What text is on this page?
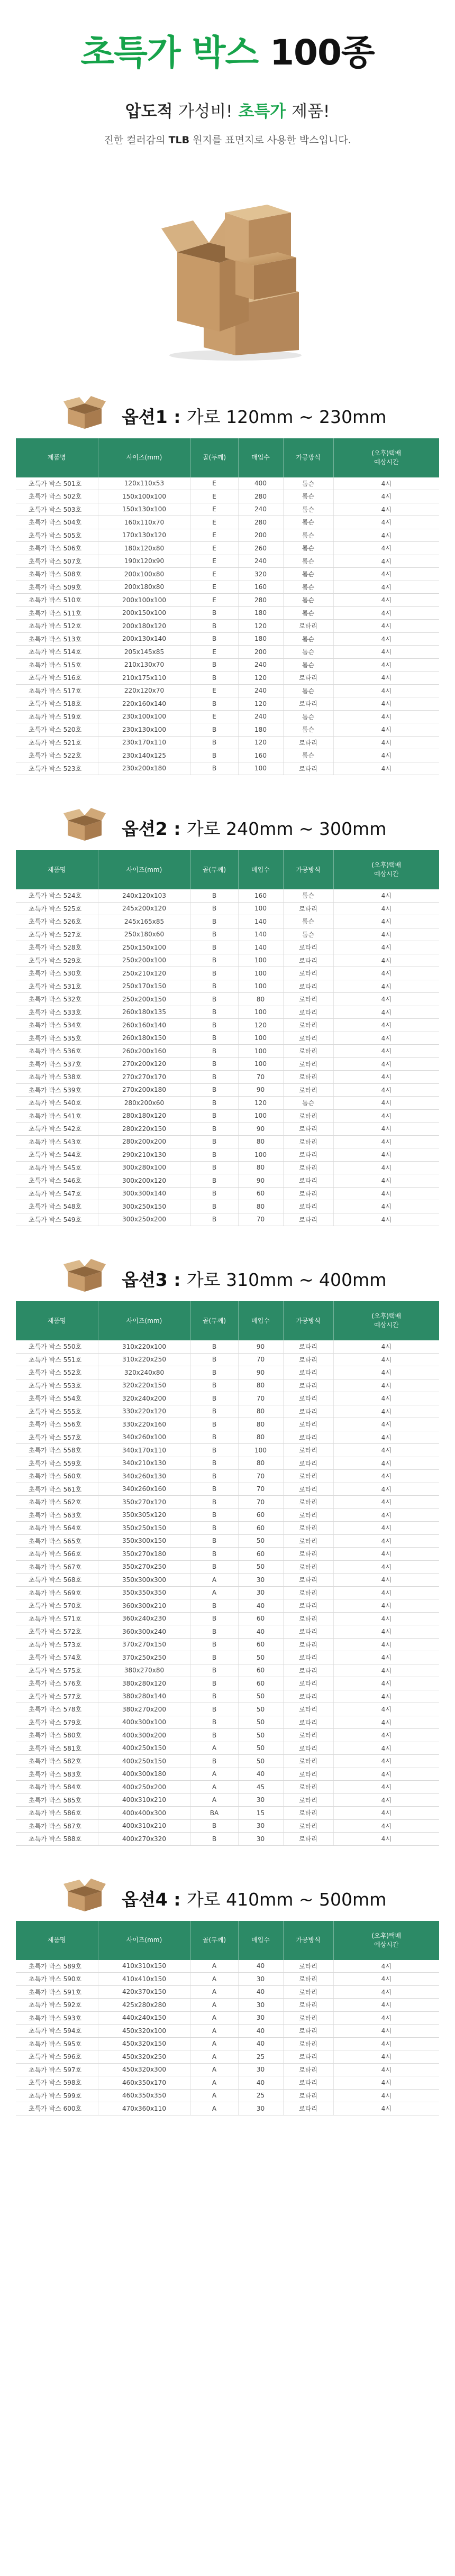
초특가 박스 100종
압도적 가성비! 초특가 제품!
진한 컬러감의 TLB 원지를 표면지로 사용한 박스입니다.
옵션1 : 가로 120mm ~ 230mm
제품명	사이즈(mm)	골(두께)	매입수	가공방식	(오후)택배
예상시간
초특가 박스 501호	120x110x53	E	400	톰슨	4시
초특가 박스 502호	150x100x100	E	280	톰슨	4시
초특가 박스 503호	150x130x100	E	240	톰슨	4시
초특가 박스 504호	160x110x70	E	280	톰슨	4시
초특가 박스 505호	170x130x120	E	200	톰슨	4시
초특가 박스 506호	180x120x80	E	260	톰슨	4시
초특가 박스 507호	190x120x90	E	240	톰슨	4시
초특가 박스 508호	200x100x80	E	320	톰슨	4시
초특가 박스 509호	200x180x80	E	160	톰슨	4시
초특가 박스 510호	200x100x100	E	280	톰슨	4시
초특가 박스 511호	200x150x100	B	180	톰슨	4시
초특가 박스 512호	200x180x120	B	120	로타리	4시
초특가 박스 513호	200x130x140	B	180	톰슨	4시
초특가 박스 514호	205x145x85	E	200	톰슨	4시
초특가 박스 515호	210x130x70	B	240	톰슨	4시
초특가 박스 516호	210x175x110	B	120	로타리	4시
초특가 박스 517호	220x120x70	E	240	톰슨	4시
초특가 박스 518호	220x160x140	B	120	로타리	4시
초특가 박스 519호	230x100x100	E	240	톰슨	4시
초특가 박스 520호	230x130x100	B	180	톰슨	4시
초특가 박스 521호	230x170x110	B	120	로타리	4시
초특가 박스 522호	230x140x125	B	160	톰슨	4시
초특가 박스 523호	230x200x180	B	100	로타리	4시
옵션2 : 가로 240mm ~ 300mm
제품명	사이즈(mm)	골(두께)	매입수	가공방식	(오후)택배
예상시간
초특가 박스 524호	240x120x103	B	160	톰슨	4시
초특가 박스 525호	245x200x120	B	100	로타리	4시
초특가 박스 526호	245x165x85	B	140	톰슨	4시
초특가 박스 527호	250x180x60	B	140	톰슨	4시
초특가 박스 528호	250x150x100	B	140	로타리	4시
초특가 박스 529호	250x200x100	B	100	로타리	4시
초특가 박스 530호	250x210x120	B	100	로타리	4시
초특가 박스 531호	250x170x150	B	100	로타리	4시
초특가 박스 532호	250x200x150	B	80	로타리	4시
초특가 박스 533호	260x180x135	B	100	로타리	4시
초특가 박스 534호	260x160x140	B	120	로타리	4시
초특가 박스 535호	260x180x150	B	100	로타리	4시
초특가 박스 536호	260x200x160	B	100	로타리	4시
초특가 박스 537호	270x200x120	B	100	로타리	4시
초특가 박스 538호	270x270x170	B	70	로타리	4시
초특가 박스 539호	270x200x180	B	90	로타리	4시
초특가 박스 540호	280x200x60	B	120	톰슨	4시
초특가 박스 541호	280x180x120	B	100	로타리	4시
초특가 박스 542호	280x220x150	B	90	로타리	4시
초특가 박스 543호	280x200x200	B	80	로타리	4시
초특가 박스 544호	290x210x130	B	100	로타리	4시
초특가 박스 545호	300x280x100	B	80	로타리	4시
초특가 박스 546호	300x200x120	B	90	로타리	4시
초특가 박스 547호	300x300x140	B	60	로타리	4시
초특가 박스 548호	300x250x150	B	80	로타리	4시
초특가 박스 549호	300x250x200	B	70	로타리	4시
옵션3 : 가로 310mm ~ 400mm
제품명	사이즈(mm)	골(두께)	매입수	가공방식	(오후)택배
예상시간
초특가 박스 550호	310x220x100	B	90	로타리	4시
초특가 박스 551호	310x220x250	B	70	로타리	4시
초특가 박스 552호	320x240x80	B	90	로타리	4시
초특가 박스 553호	320x220x150	B	80	로타리	4시
초특가 박스 554호	320x240x200	B	70	로타리	4시
초특가 박스 555호	330x220x120	B	80	로타리	4시
초특가 박스 556호	330x220x160	B	80	로타리	4시
초특가 박스 557호	340x260x100	B	80	로타리	4시
초특가 박스 558호	340x170x110	B	100	로타리	4시
초특가 박스 559호	340x210x130	B	80	로타리	4시
초특가 박스 560호	340x260x130	B	70	로타리	4시
초특가 박스 561호	340x260x160	B	70	로타리	4시
초특가 박스 562호	350x270x120	B	70	로타리	4시
초특가 박스 563호	350x305x120	B	60	로타리	4시
초특가 박스 564호	350x250x150	B	60	로타리	4시
초특가 박스 565호	350x300x150	B	50	로타리	4시
초특가 박스 566호	350x270x180	B	60	로타리	4시
초특가 박스 567호	350x270x250	B	50	로타리	4시
초특가 박스 568호	350x300x300	A	30	로타리	4시
초특가 박스 569호	350x350x350	A	30	로타리	4시
초특가 박스 570호	360x300x210	B	40	로타리	4시
초특가 박스 571호	360x240x230	B	60	로타리	4시
초특가 박스 572호	360x300x240	B	40	로타리	4시
초특가 박스 573호	370x270x150	B	60	로타리	4시
초특가 박스 574호	370x250x250	B	50	로타리	4시
초특가 박스 575호	380x270x80	B	60	로타리	4시
초특가 박스 576호	380x280x120	B	60	로타리	4시
초특가 박스 577호	380x280x140	B	50	로타리	4시
초특가 박스 578호	380x270x200	B	50	로타리	4시
초특가 박스 579호	400x300x100	B	50	로타리	4시
초특가 박스 580호	400x300x200	B	50	로타리	4시
초특가 박스 581호	400x250x150	A	50	로타리	4시
초특가 박스 582호	400x250x150	B	50	로타리	4시
초특가 박스 583호	400x300x180	A	40	로타리	4시
초특가 박스 584호	400x250x200	A	45	로타리	4시
초특가 박스 585호	400x310x210	A	30	로타리	4시
초특가 박스 586호	400x400x300	BA	15	로타리	4시
초특가 박스 587호	400x310x210	B	30	로타리	4시
초특가 박스 588호	400x270x320	B	30	로타리	4시
옵션4 : 가로 410mm ~ 500mm
제품명	사이즈(mm)	골(두께)	매입수	가공방식	(오후)택배
예상시간
초특가 박스 589호	410x310x150	A	40	로타리	4시
초특가 박스 590호	410x410x150	A	30	로타리	4시
초특가 박스 591호	420x370x150	A	40	로타리	4시
초특가 박스 592호	425x280x280	A	30	로타리	4시
초특가 박스 593호	440x240x150	A	30	로타리	4시
초특가 박스 594호	450x320x100	A	40	로타리	4시
초특가 박스 595호	450x320x150	A	40	로타리	4시
초특가 박스 596호	450x320x250	A	25	로타리	4시
초특가 박스 597호	450x320x300	A	30	로타리	4시
초특가 박스 598호	460x350x170	A	40	로타리	4시
초특가 박스 599호	460x350x350	A	25	로타리	4시
초특가 박스 600호	470x360x110	A	30	로타리	4시
